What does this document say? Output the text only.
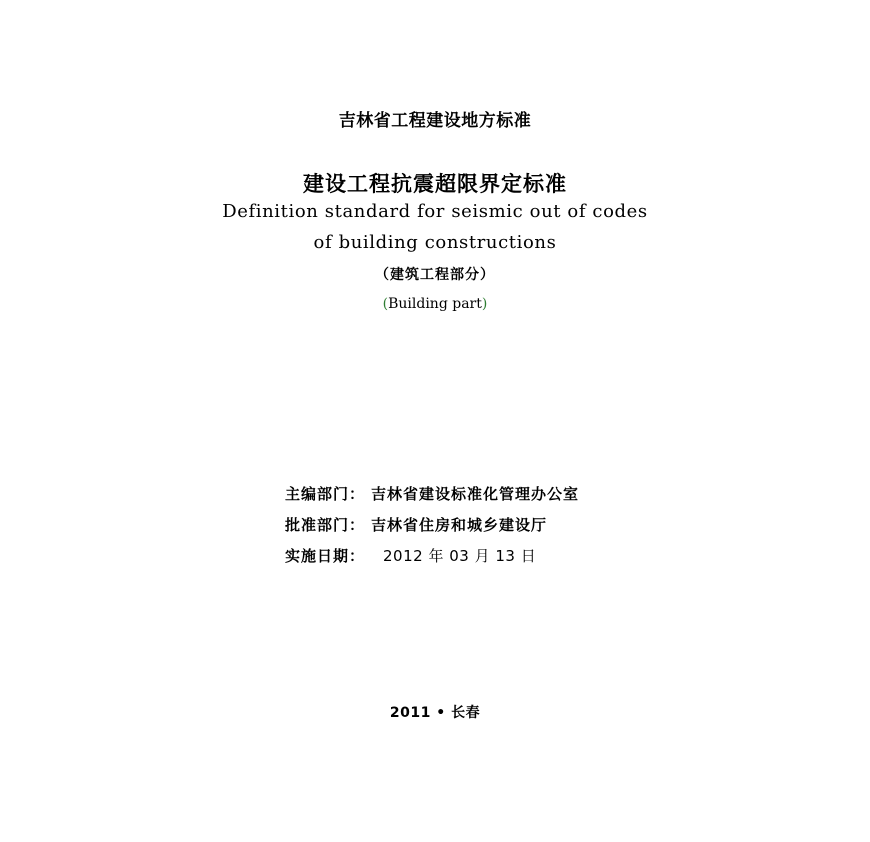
吉林省工程建设地方标准
建设工程抗震超限界定标准
Definition standard for seismic out of codes
of building constructions
（建筑工程部分）
(Building part)
主编部门： 吉林省建设标准化管理办公室
批准部门： 吉林省住房和城乡建设厅
实施日期： 2012 年 03 月 13 日
2011 • 长春
